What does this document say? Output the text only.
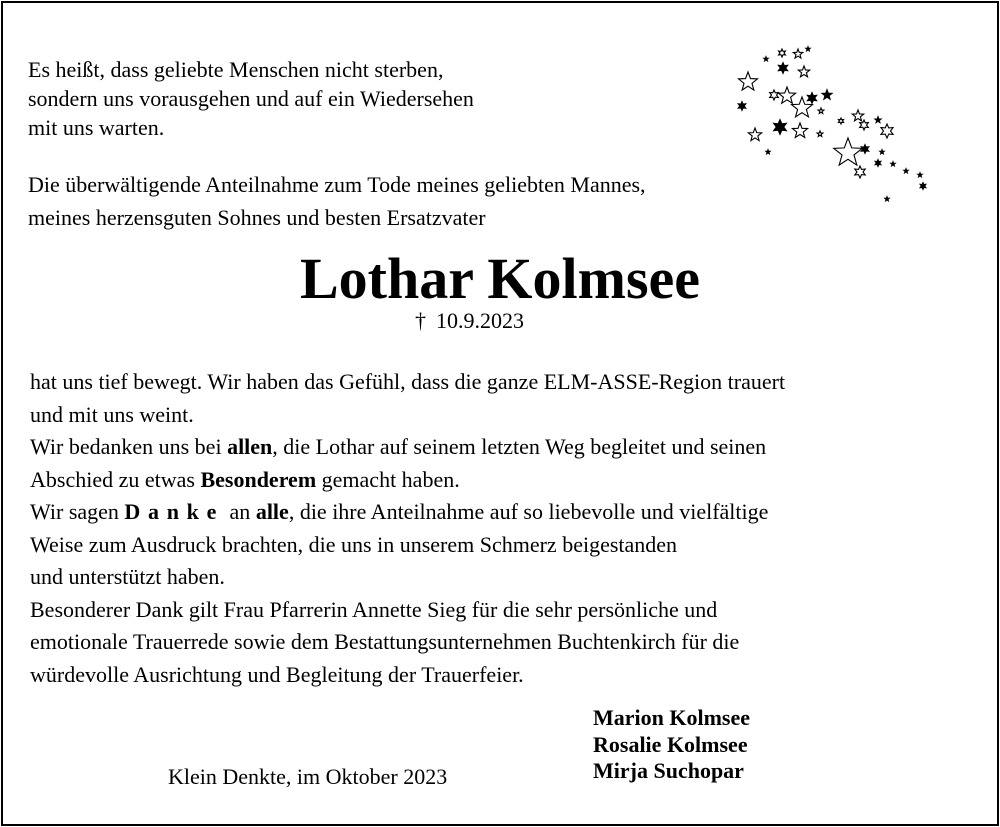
Es heißt, dass geliebte Menschen nicht sterben,
sondern uns vorausgehen und auf ein Wiedersehen
mit uns warten.
Die überwältigende Anteilnahme zum Tode meines geliebten Mannes,
meines herzensguten Sohnes und besten Ersatzvater
Lothar Kolmsee
† 10.9.2023
hat uns tief bewegt. Wir haben das Gefühl, dass die ganze ELM-ASSE-Region trauert
und mit uns weint.
Wir bedanken uns bei allen, die Lothar auf seinem letzten Weg begleitet und seinen
Abschied zu etwas Besonderem gemacht haben.
Wir sagen Danke an alle, die ihre Anteilnahme auf so liebevolle und vielfältige
Weise zum Ausdruck brachten, die uns in unserem Schmerz beigestanden
und unterstützt haben.
Besonderer Dank gilt Frau Pfarrerin Annette Sieg für die sehr persönliche und
emotionale Trauerrede sowie dem Bestattungsunternehmen Buchtenkirch für die
würdevolle Ausrichtung und Begleitung der Trauerfeier.
Marion Kolmsee
Rosalie Kolmsee
Mirja Suchopar
Klein Denkte, im Oktober 2023
